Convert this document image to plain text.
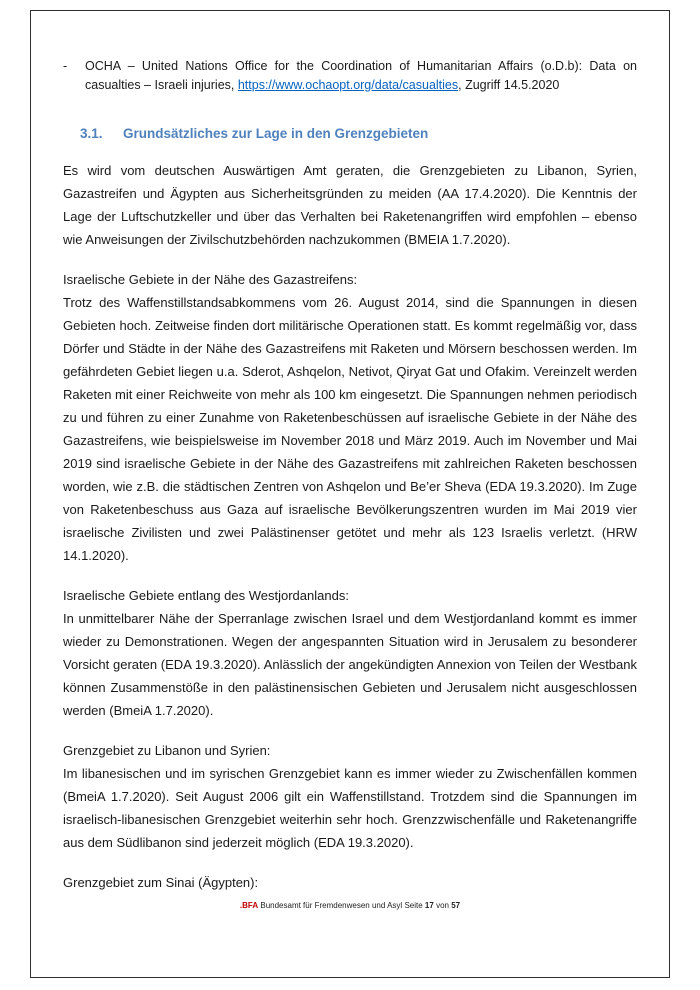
-	OCHA – United Nations Office for the Coordination of Humanitarian Affairs (o.D.b): Data on casualties – Israeli injuries, https://www.ochaopt.org/data/casualties, Zugriff 14.5.2020
3.1. Grundsätzliches zur Lage in den Grenzgebieten

Es wird vom deutschen Auswärtigen Amt geraten, die Grenzgebieten zu Libanon, Syrien, Gazastreifen und Ägypten aus Sicherheitsgründen zu meiden (AA 17.4.2020). Die Kenntnis der Lage der Luftschutzkeller und über das Verhalten bei Raketenangriffen wird empfohlen – ebenso wie Anweisungen der Zivilschutzbehörden nachzukommen (BMEIA 1.7.2020).

Israelische Gebiete in der Nähe des Gazastreifens:

Trotz des Waffenstillstandsabkommens vom 26. August 2014, sind die Spannungen in diesen Gebieten hoch. Zeitweise finden dort militärische Operationen statt. Es kommt regelmäßig vor, dass Dörfer und Städte in der Nähe des Gazastreifens mit Raketen und Mörsern beschossen werden. Im gefährdeten Gebiet liegen u.a. Sderot, Ashqelon, Netivot, Qiryat Gat und Ofakim. Vereinzelt werden Raketen mit einer Reichweite von mehr als 100 km eingesetzt. Die Spannungen nehmen periodisch zu und führen zu einer Zunahme von Raketenbeschüssen auf israelische Gebiete in der Nähe des Gazastreifens, wie beispielsweise im November 2018 und März 2019. Auch im November und Mai 2019 sind israelische Gebiete in der Nähe des Gazastreifens mit zahlreichen Raketen beschossen worden, wie z.B. die städtischen Zentren von Ashqelon und Be’er Sheva (EDA 19.3.2020). Im Zuge von Raketenbeschuss aus Gaza auf israelische Bevölkerungszentren wurden im Mai 2019 vier israelische Zivilisten und zwei Palästinenser getötet und mehr als 123 Israelis verletzt. (HRW 14.1.2020).

Israelische Gebiete entlang des Westjordanlands:

In unmittelbarer Nähe der Sperranlage zwischen Israel und dem Westjordanland kommt es immer wieder zu Demonstrationen. Wegen der angespannten Situation wird in Jerusalem zu besonderer Vorsicht geraten (EDA 19.3.2020). Anlässlich der angekündigten Annexion von Teilen der Westbank können Zusammenstöße in den palästinensischen Gebieten und Jerusalem nicht ausgeschlossen werden (BmeiA 1.7.2020).

Grenzgebiet zu Libanon und Syrien:

Im libanesischen und im syrischen Grenzgebiet kann es immer wieder zu Zwischenfällen kommen (BmeiA 1.7.2020). Seit August 2006 gilt ein Waffenstillstand. Trotzdem sind die Spannungen im israelisch-libanesischen Grenzgebiet weiterhin sehr hoch. Grenzzwischenfälle und Raketenangriffe aus dem Südlibanon sind jederzeit möglich (EDA 19.3.2020).

Grenzgebiet zum Sinai (Ägypten):

.BFA Bundesamt für Fremdenwesen und Asyl Seite 17 von 57
